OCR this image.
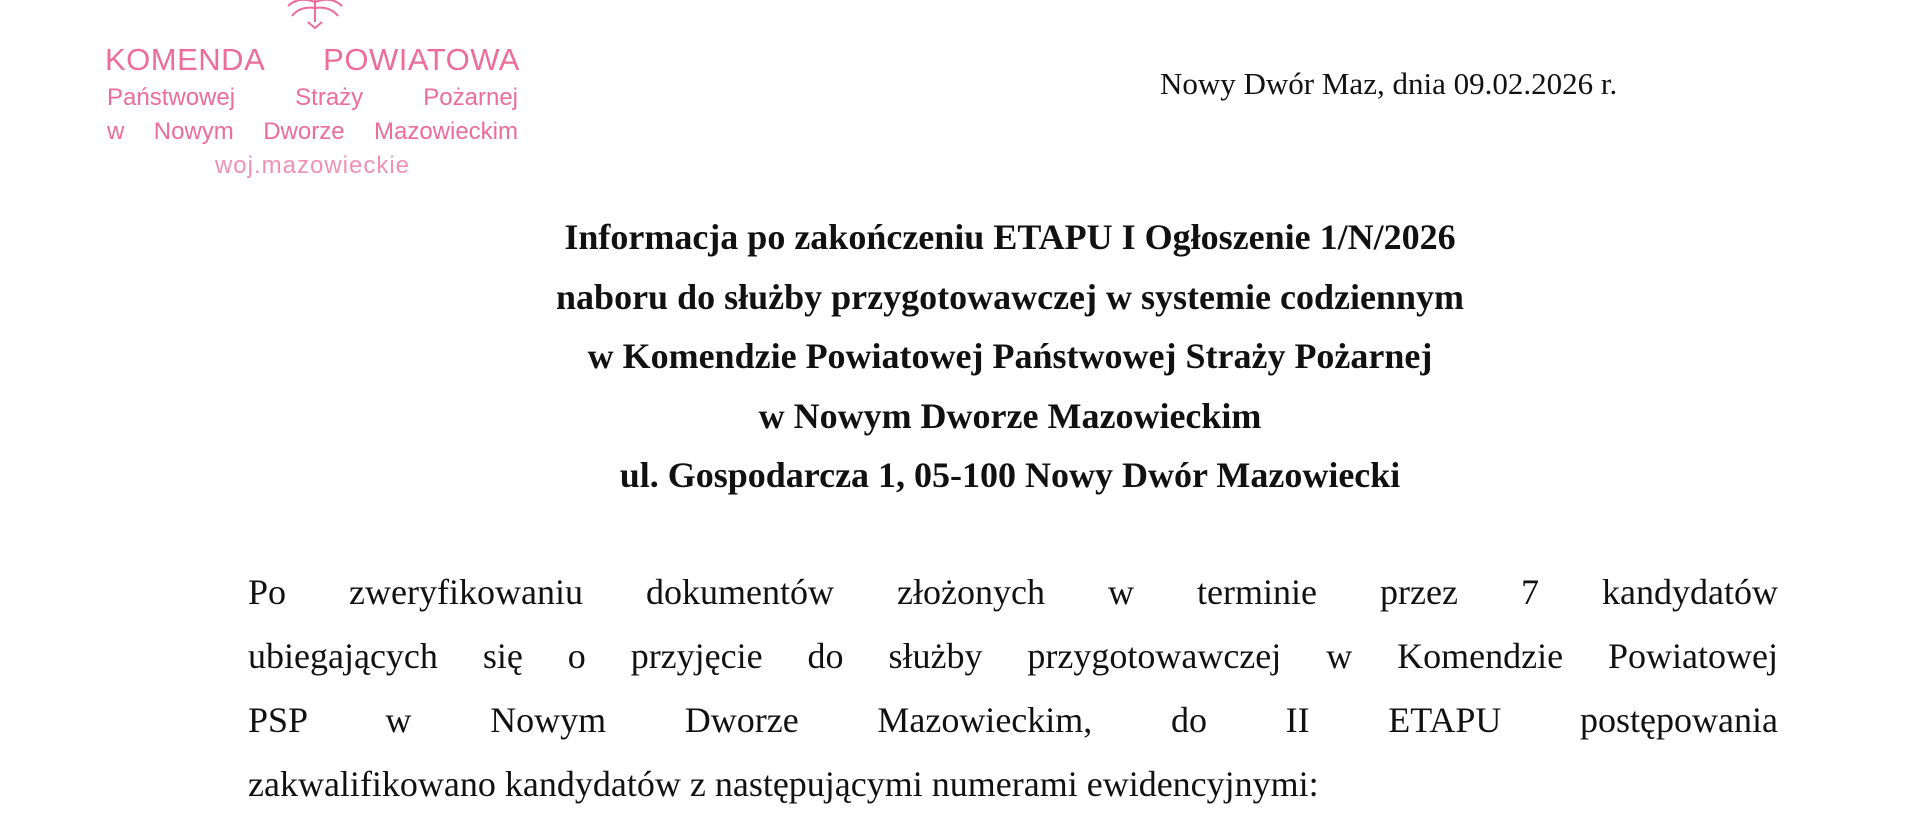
KOMENDA POWIATOWA
Państwowej Straży Pożarnej
w Nowym Dworze Mazowieckim
woj.mazowieckie
Nowy Dwór Maz, dnia 09.02.2026 r.
Informacja po zakończeniu ETAPU I Ogłoszenie 1/N/2026
naboru do służby przygotowawczej w systemie codziennym
w Komendzie Powiatowej Państwowej Straży Pożarnej
w Nowym Dworze Mazowieckim
ul. Gospodarcza 1, 05-100 Nowy Dwór Mazowiecki
Po zweryfikowaniu dokumentów złożonych w terminie przez 7 kandydatów
ubiegających się o przyjęcie do służby przygotowawczej w Komendzie Powiatowej
PSP w Nowym Dworze Mazowieckim, do II ETAPU postępowania
zakwalifikowano kandydatów z następującymi numerami ewidencyjnymi:
